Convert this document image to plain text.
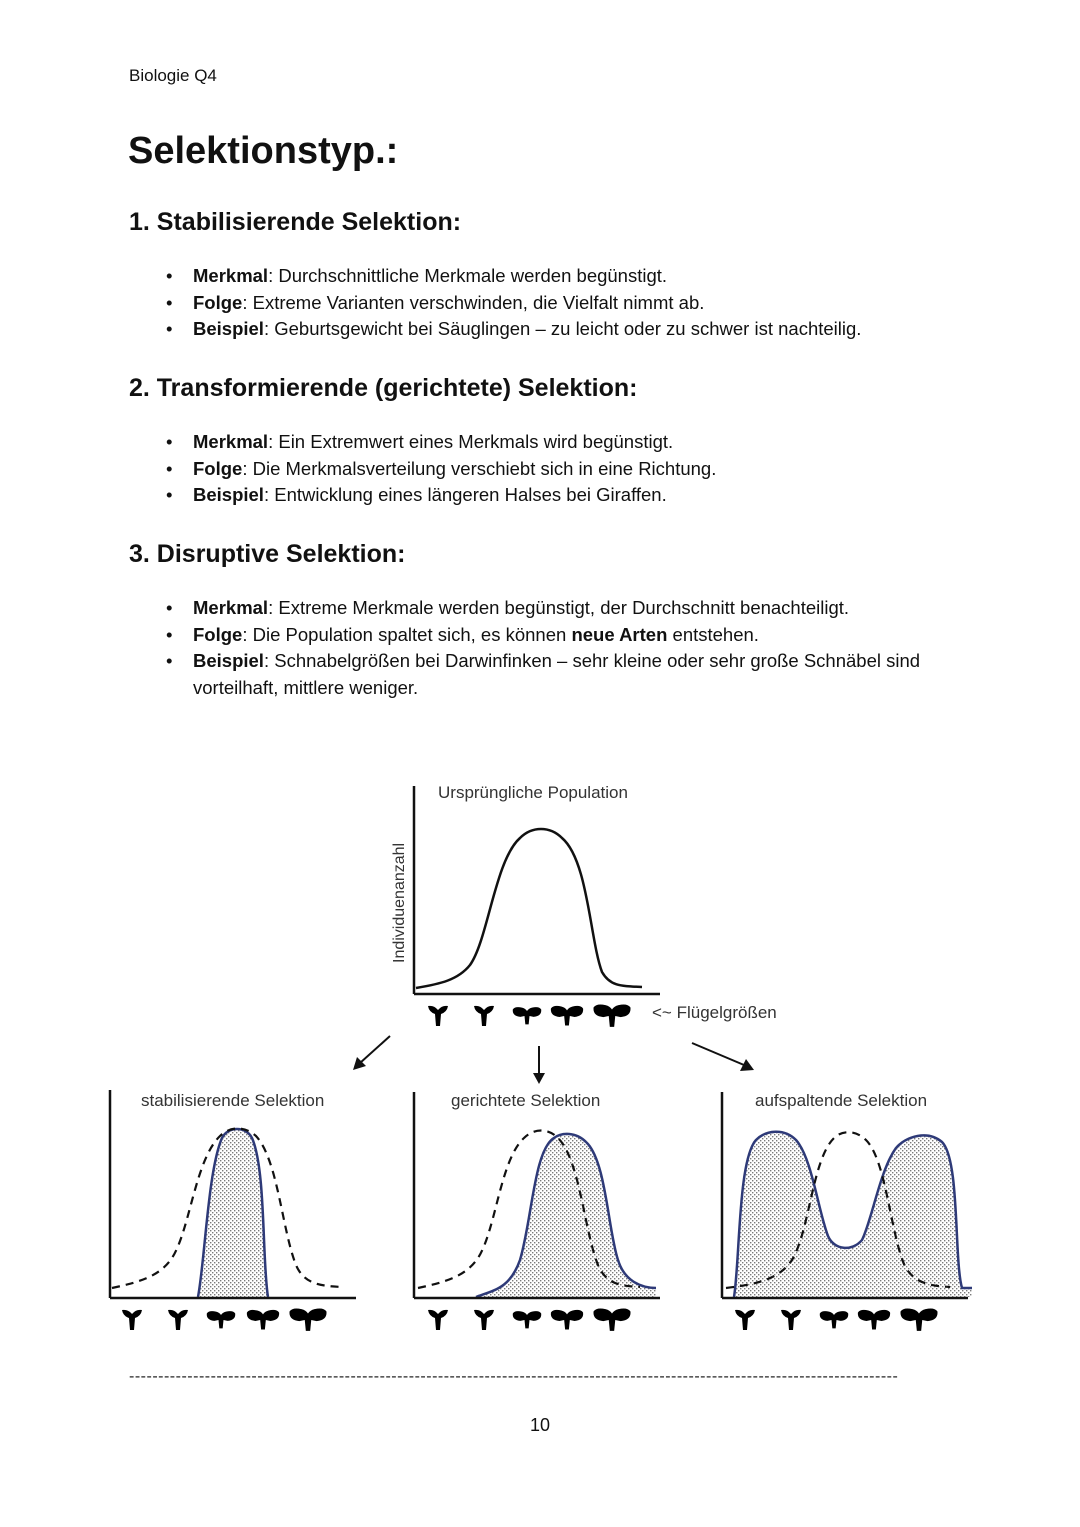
Biologie Q4
Selektionstyp.:
1. Stabilisierende Selektion:
• Merkmal: Durchschnittliche Merkmale werden begünstigt.
• Folge: Extreme Varianten verschwinden, die Vielfalt nimmt ab.
• Beispiel: Geburtsgewicht bei Säuglingen – zu leicht oder zu schwer ist nachteilig.
2. Transformierende (gerichtete) Selektion:
• Merkmal: Ein Extremwert eines Merkmals wird begünstigt.
• Folge: Die Merkmalsverteilung verschiebt sich in eine Richtung.
• Beispiel: Entwicklung eines längeren Halses bei Giraffen.
3. Disruptive Selektion:
• Merkmal: Extreme Merkmale werden begünstigt, der Durchschnitt benachteiligt.
• Folge: Die Population spaltet sich, es können neue Arten entstehen.
• Beispiel: Schnabelgrößen bei Darwinfinken – sehr kleine oder sehr große Schnäbel sind vorteilhaft, mittlere weniger.
Ursprüngliche Population
Individuenanzahl
<~ Flügelgrößen
stabilisierende Selektion	gerichtete Selektion	aufspaltende Selektion
------------------------------------------------------------------------------------------------------------------------------------
10
